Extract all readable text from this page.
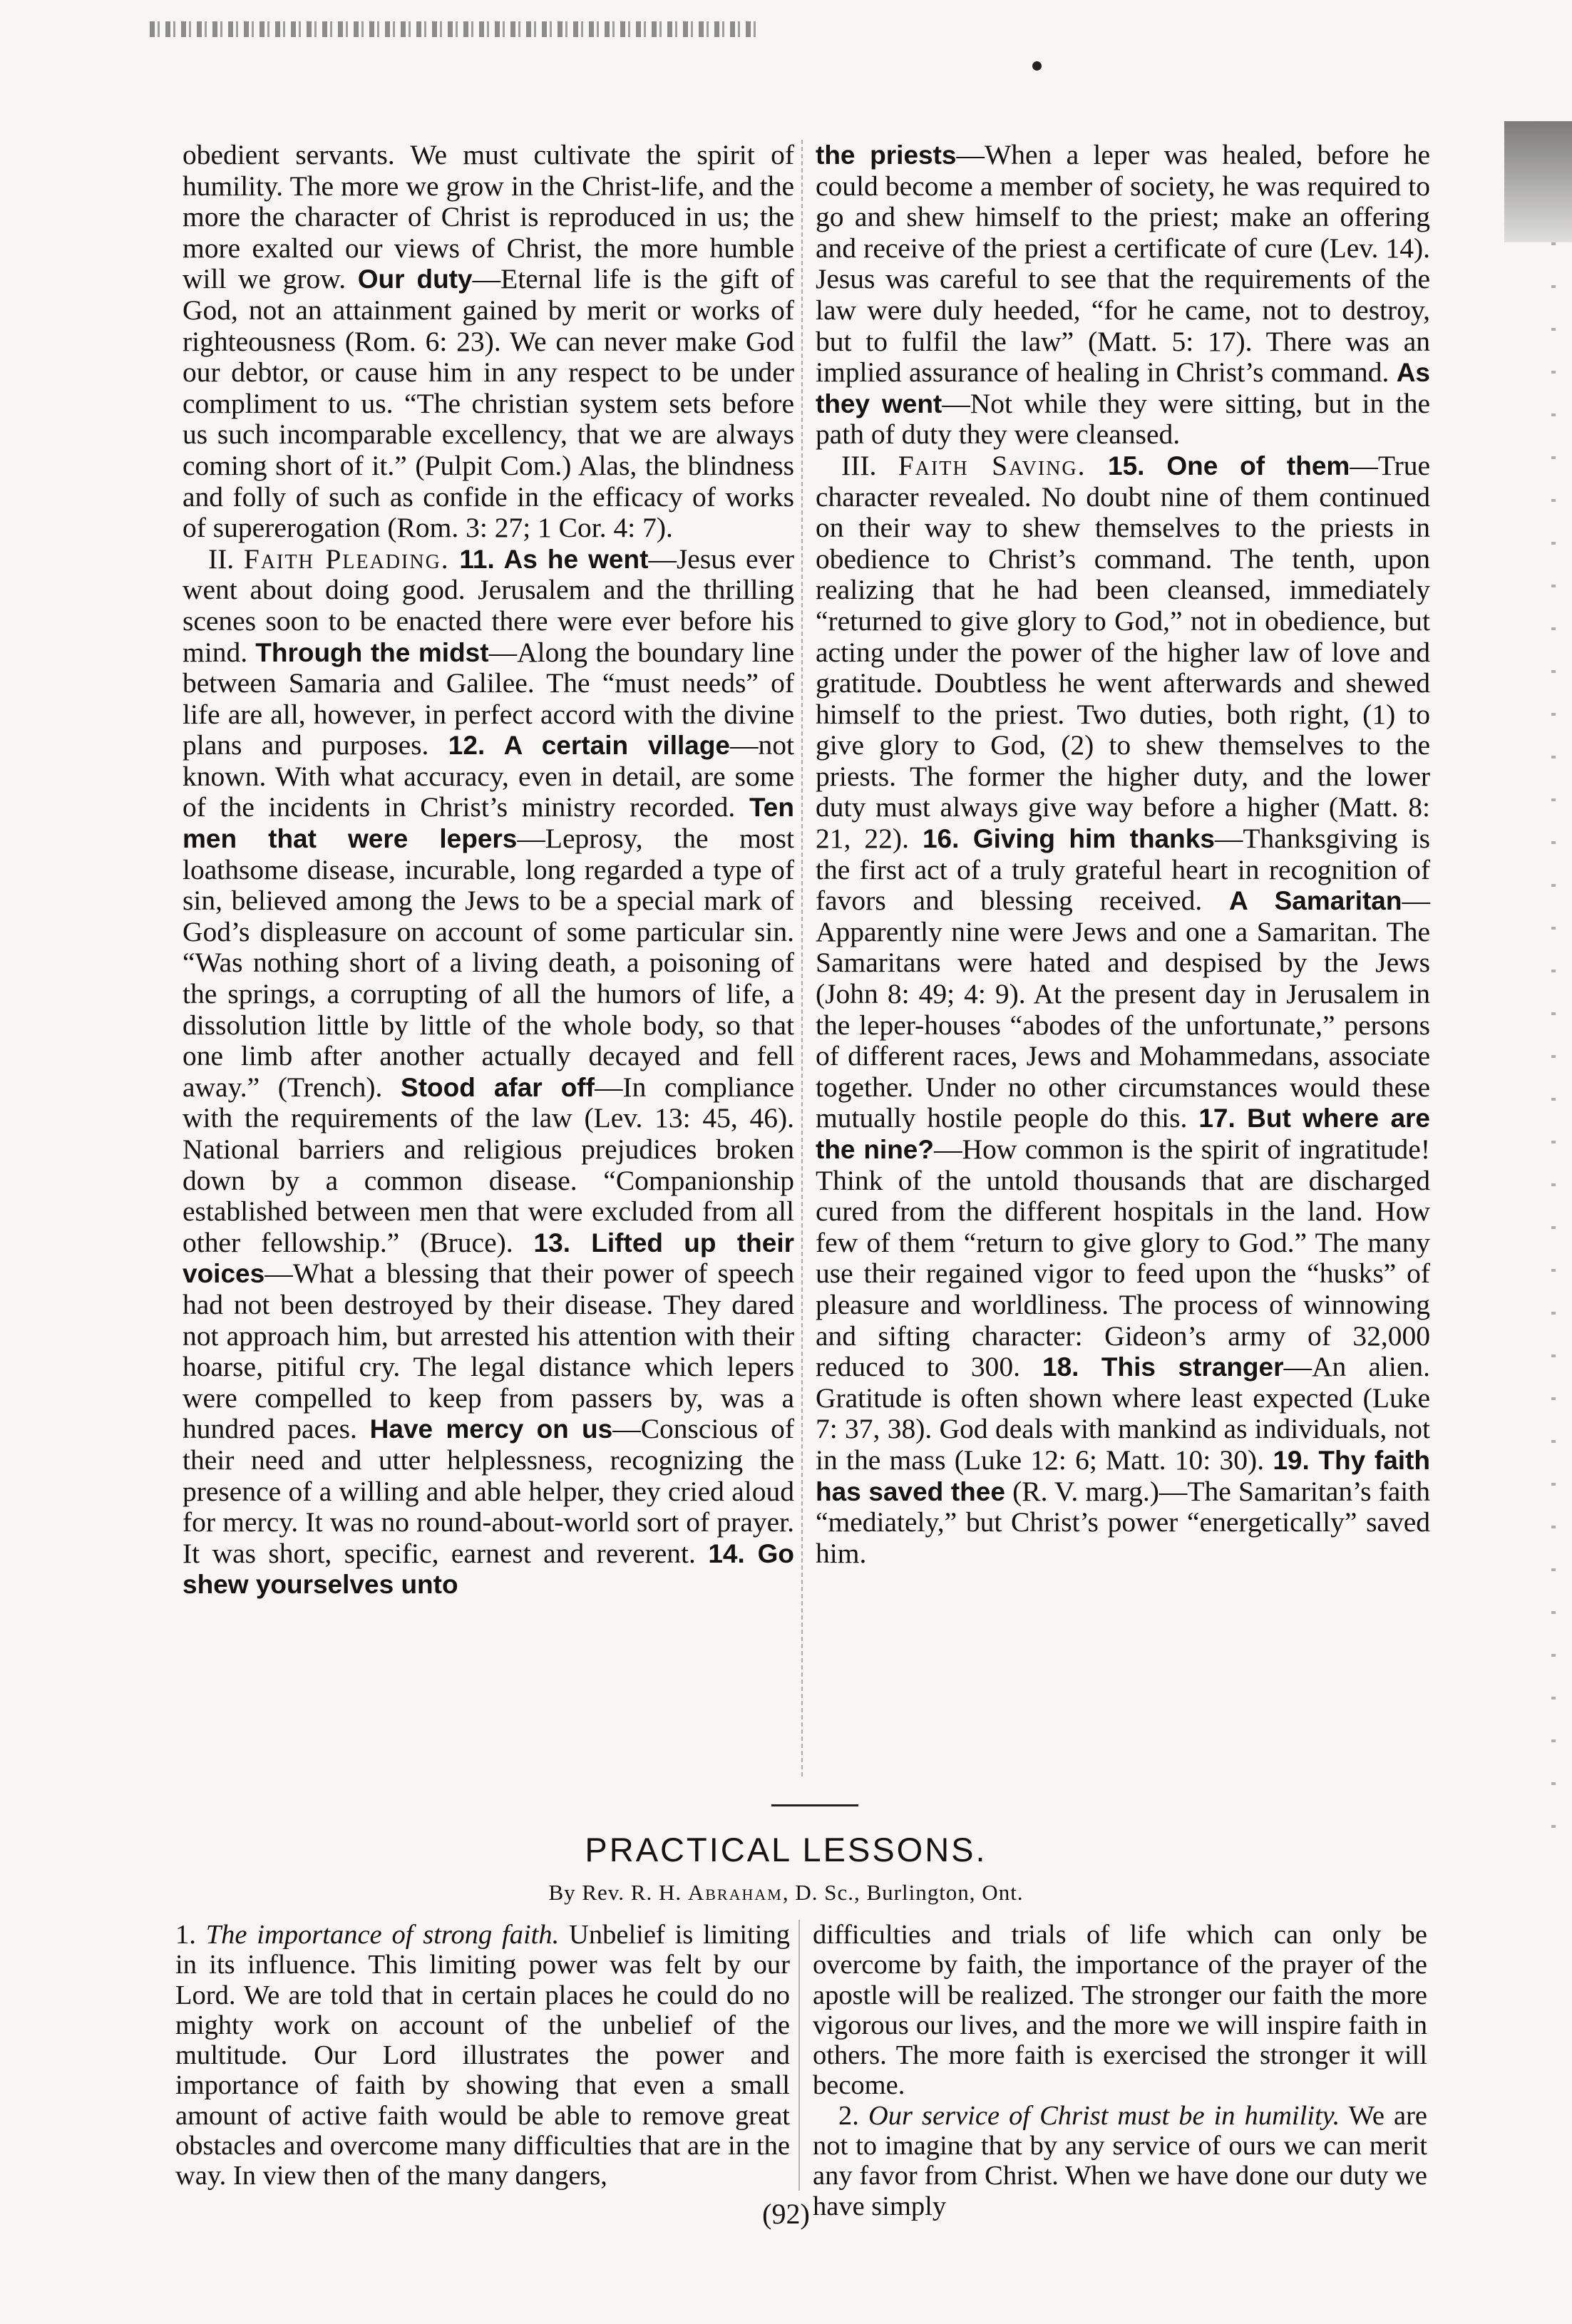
obedient servants. We must cultivate the spirit of humility. The more we grow in the Christ-life, and the more the character of Christ is reproduced in us; the more exalted our views of Christ, the more humble will we grow. Our duty—Eternal life is the gift of God, not an attainment gained by merit or works of righteousness (Rom. 6: 23). We can never make God our debtor, or cause him in any respect to be under compliment to us. “The christian system sets before us such incomparable excellency, that we are always coming short of it.” (Pulpit Com.) Alas, the blindness and folly of such as confide in the efficacy of works of supererogation (Rom. 3: 27; 1 Cor. 4: 7).

II. Faith Pleading. 11. As he went—Jesus ever went about doing good. Jerusalem and the thrilling scenes soon to be enacted there were ever before his mind. Through the midst—Along the boundary line between Samaria and Galilee. The “must needs” of life are all, however, in perfect accord with the divine plans and purposes. 12. A certain village—not known. With what accuracy, even in detail, are some of the incidents in Christ’s ministry recorded. Ten men that were lepers—Leprosy, the most loathsome disease, incurable, long regarded a type of sin, believed among the Jews to be a special mark of God’s displeasure on account of some particular sin. “Was nothing short of a living death, a poisoning of the springs, a corrupting of all the humors of life, a dissolution little by little of the whole body, so that one limb after another actually decayed and fell away.” (Trench). Stood afar off—In compliance with the requirements of the law (Lev. 13: 45, 46). National barriers and religious prejudices broken down by a common disease. “Companionship established between men that were excluded from all other fellowship.” (Bruce). 13. Lifted up their voices—What a blessing that their power of speech had not been destroyed by their disease. They dared not approach him, but arrested his attention with their hoarse, pitiful cry. The legal distance which lepers were compelled to keep from passers by, was a hundred paces. Have mercy on us—Conscious of their need and utter helplessness, recognizing the presence of a willing and able helper, they cried aloud for mercy. It was no round-about-world sort of prayer. It was short, specific, earnest and reverent. 14. Go shew yourselves unto

the priests—When a leper was healed, before he could become a member of society, he was required to go and shew himself to the priest; make an offering and receive of the priest a certificate of cure (Lev. 14). Jesus was careful to see that the requirements of the law were duly heeded, “for he came, not to destroy, but to fulfil the law” (Matt. 5: 17). There was an implied assurance of healing in Christ’s command. As they went—Not while they were sitting, but in the path of duty they were cleansed.

III. Faith Saving. 15. One of them—True character revealed. No doubt nine of them continued on their way to shew themselves to the priests in obedience to Christ’s command. The tenth, upon realizing that he had been cleansed, immediately “returned to give glory to God,” not in obedience, but acting under the power of the higher law of love and gratitude. Doubtless he went afterwards and shewed himself to the priest. Two duties, both right, (1) to give glory to God, (2) to shew themselves to the priests. The former the higher duty, and the lower duty must always give way before a higher (Matt. 8: 21, 22). 16. Giving him thanks—Thanksgiving is the first act of a truly grateful heart in recognition of favors and blessing received. A Samaritan—Apparently nine were Jews and one a Samaritan. The Samaritans were hated and despised by the Jews (John 8: 49; 4: 9). At the present day in Jerusalem in the leper-houses “abodes of the unfortunate,” persons of different races, Jews and Mohammedans, associate together. Under no other circumstances would these mutually hostile people do this. 17. But where are the nine?—How common is the spirit of ingratitude! Think of the untold thousands that are discharged cured from the different hospitals in the land. How few of them “return to give glory to God.” The many use their regained vigor to feed upon the “husks” of pleasure and worldliness. The process of winnowing and sifting character: Gideon’s army of 32,000 reduced to 300. 18. This stranger—An alien. Gratitude is often shown where least expected (Luke 7: 37, 38). God deals with mankind as individuals, not in the mass (Luke 12: 6; Matt. 10: 30). 19. Thy faith has saved thee (R. V. marg.)—The Samaritan’s faith “mediately,” but Christ’s power “energetically” saved him.

PRACTICAL LESSONS.
By Rev. R. H. Abraham, D. Sc., Burlington, Ont.

1. The importance of strong faith. Unbelief is limiting in its influence. This limiting power was felt by our Lord. We are told that in certain places he could do no mighty work on account of the unbelief of the multitude. Our Lord illustrates the power and importance of faith by showing that even a small amount of active faith would be able to remove great obstacles and overcome many difficulties that are in the way. In view then of the many dangers,

difficulties and trials of life which can only be overcome by faith, the importance of the prayer of the apostle will be realized. The stronger our faith the more vigorous our lives, and the more we will inspire faith in others. The more faith is exercised the stronger it will become.

2. Our service of Christ must be in humility. We are not to imagine that by any service of ours we can merit any favor from Christ. When we have done our duty we have simply

(92)
